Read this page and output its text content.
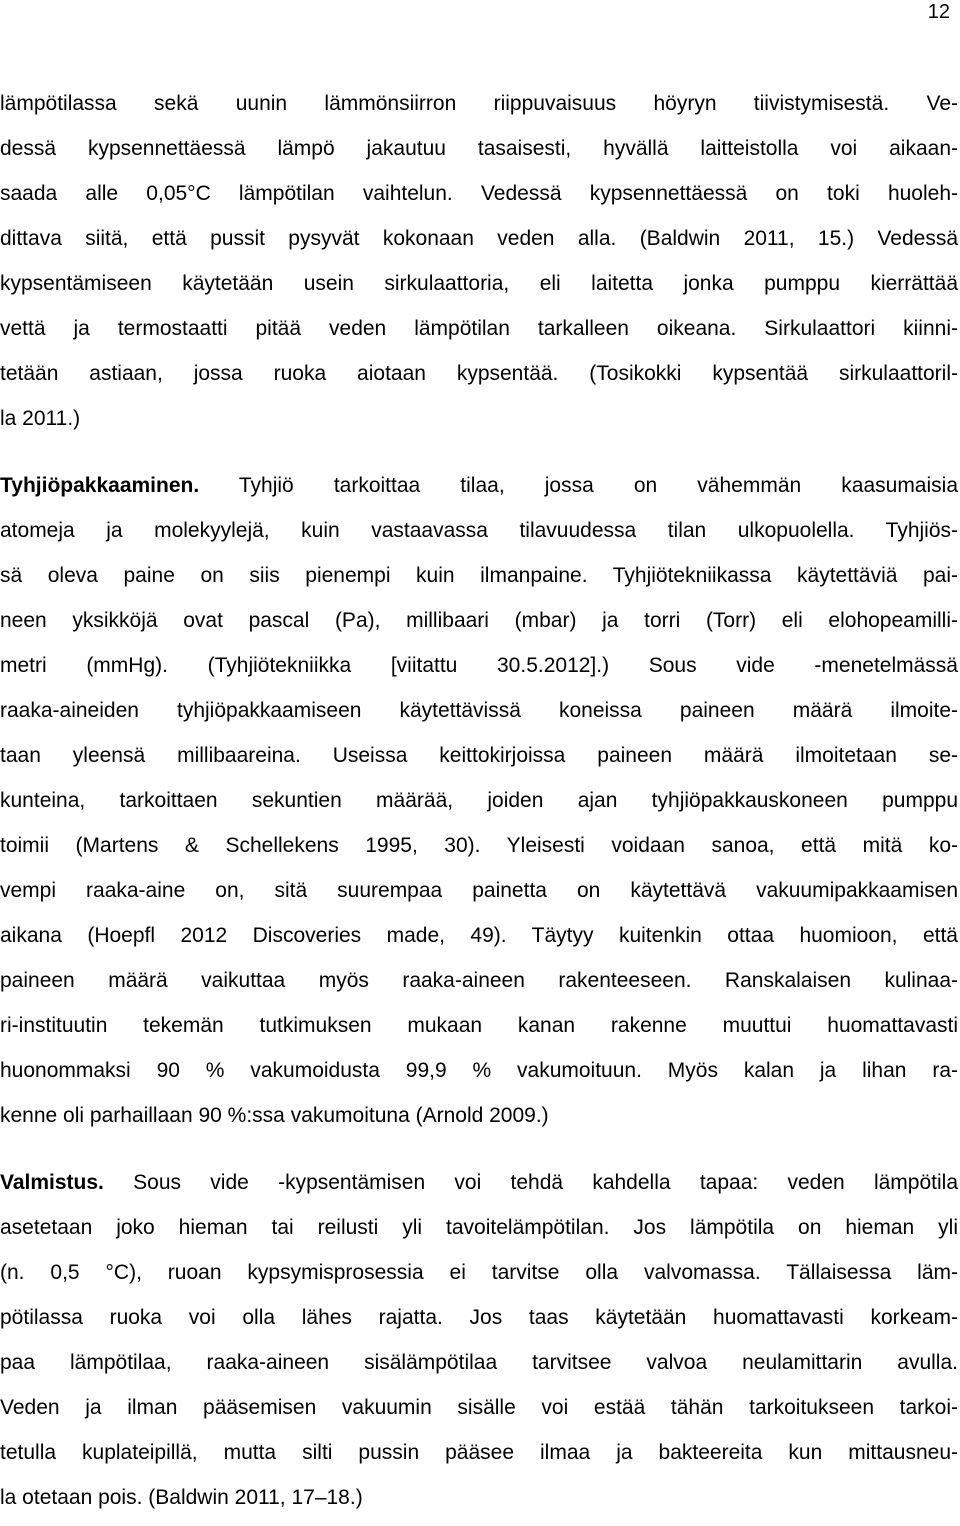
12

lämpötilassa sekä uunin lämmönsiirron riippuvaisuus höyryn tiivistymisestä. Ve-
dessä kypsennettäessä lämpö jakautuu tasaisesti, hyvällä laitteistolla voi aikaan-
saada alle 0,05°C lämpötilan vaihtelun. Vedessä kypsennettäessä on toki huoleh-
dittava siitä, että pussit pysyvät kokonaan veden alla. (Baldwin 2011, 15.) Vedessä
kypsentämiseen käytetään usein sirkulaattoria, eli laitetta jonka pumppu kierrättää
vettä ja termostaatti pitää veden lämpötilan tarkalleen oikeana. Sirkulaattori kiinni-
tetään astiaan, jossa ruoka aiotaan kypsentää. (Tosikokki kypsentää sirkulaattoril-
la 2011.)

Tyhjiöpakkaaminen. Tyhjiö tarkoittaa tilaa, jossa on vähemmän kaasumaisia
atomeja ja molekyylejä, kuin vastaavassa tilavuudessa tilan ulkopuolella. Tyhjiös-
sä oleva paine on siis pienempi kuin ilmanpaine. Tyhjiötekniikassa käytettäviä pai-
neen yksikköjä ovat pascal (Pa), millibaari (mbar) ja torri (Torr) eli elohopeamilli-
metri (mmHg). (Tyhjiötekniikka [viitattu 30.5.2012].) Sous vide -menetelmässä
raaka-aineiden tyhjiöpakkaamiseen käytettävissä koneissa paineen määrä ilmoite-
taan yleensä millibaareina. Useissa keittokirjoissa paineen määrä ilmoitetaan se-
kunteina, tarkoittaen sekuntien määrää, joiden ajan tyhjiöpakkauskoneen pumppu
toimii (Martens & Schellekens 1995, 30). Yleisesti voidaan sanoa, että mitä ko-
vempi raaka-aine on, sitä suurempaa painetta on käytettävä vakuumipakkaamisen
aikana (Hoepfl 2012 Discoveries made, 49). Täytyy kuitenkin ottaa huomioon, että
paineen määrä vaikuttaa myös raaka-aineen rakenteeseen. Ranskalaisen kulinaa-
ri-instituutin tekemän tutkimuksen mukaan kanan rakenne muuttui huomattavasti
huonommaksi 90 % vakumoidusta 99,9 % vakumoituun. Myös kalan ja lihan ra-
kenne oli parhaillaan 90 %:ssa vakumoituna (Arnold 2009.)

Valmistus. Sous vide -kypsentämisen voi tehdä kahdella tapaa: veden lämpötila
asetetaan joko hieman tai reilusti yli tavoitelämpötilan. Jos lämpötila on hieman yli
(n. 0,5 °C), ruoan kypsymisprosessia ei tarvitse olla valvomassa. Tällaisessa läm-
pötilassa ruoka voi olla lähes rajatta. Jos taas käytetään huomattavasti korkeam-
paa lämpötilaa, raaka-aineen sisälämpötilaa tarvitsee valvoa neulamittarin avulla.
Veden ja ilman pääsemisen vakuumin sisälle voi estää tähän tarkoitukseen tarkoi-
tetulla kuplateipillä, mutta silti pussin pääsee ilmaa ja bakteereita kun mittausneu-
la otetaan pois. (Baldwin 2011, 17–18.)
